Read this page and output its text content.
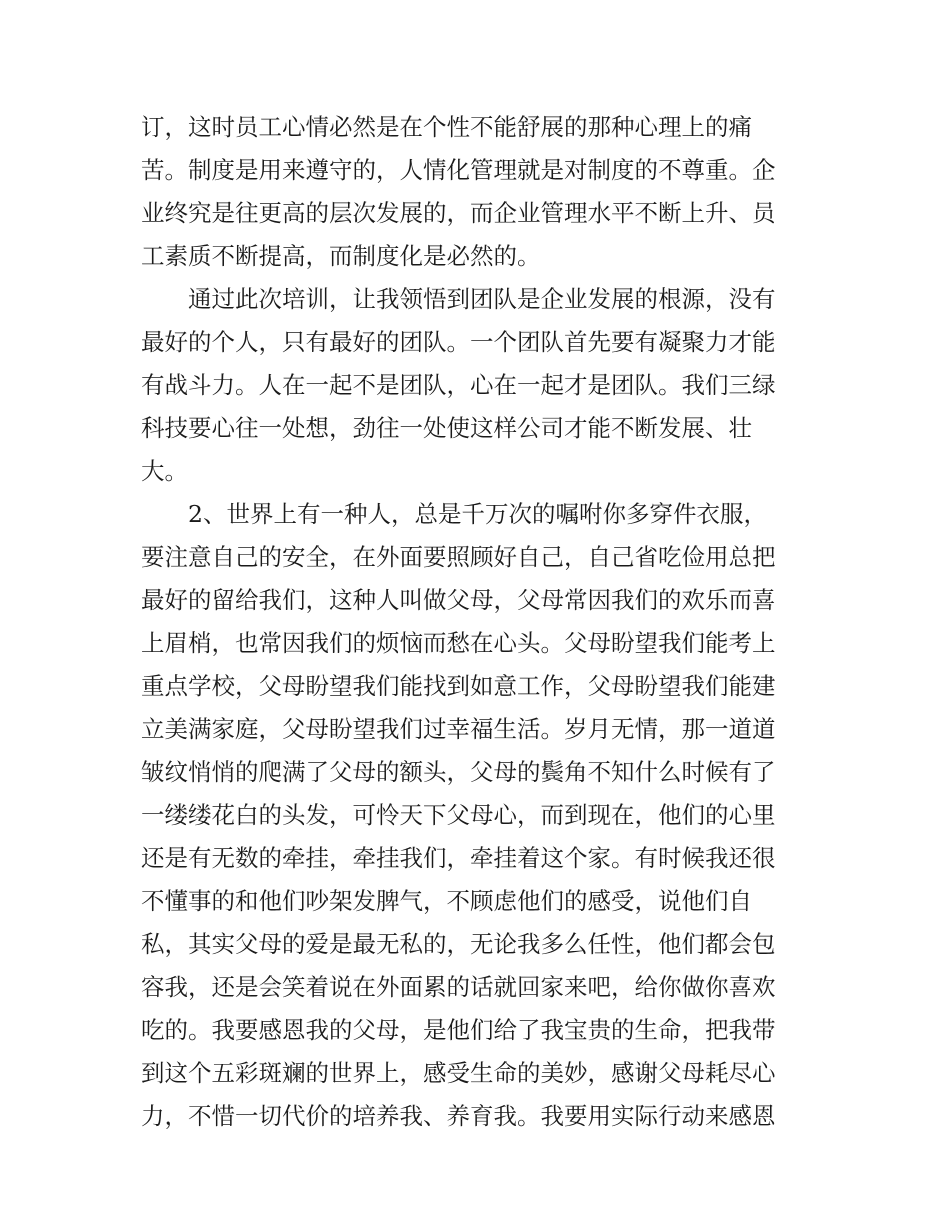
订，这时员工心情必然是在个性不能舒展的那种心理上的痛
苦。制度是用来遵守的，人情化管理就是对制度的不尊重。企
业终究是往更高的层次发展的，而企业管理水平不断上升、员
工素质不断提高，而制度化是必然的。
通过此次培训，让我领悟到团队是企业发展的根源，没有
最好的个人，只有最好的团队。一个团队首先要有凝聚力才能
有战斗力。人在一起不是团队，心在一起才是团队。我们三绿
科技要心往一处想，劲往一处使这样公司才能不断发展、壮
大。
2、世界上有一种人，总是千万次的嘱咐你多穿件衣服，
要注意自己的安全，在外面要照顾好自己，自己省吃俭用总把
最好的留给我们，这种人叫做父母，父母常因我们的欢乐而喜
上眉梢，也常因我们的烦恼而愁在心头。父母盼望我们能考上
重点学校，父母盼望我们能找到如意工作，父母盼望我们能建
立美满家庭，父母盼望我们过幸福生活。岁月无情，那一道道
皱纹悄悄的爬满了父母的额头，父母的鬓角不知什么时候有了
一缕缕花白的头发，可怜天下父母心，而到现在，他们的心里
还是有无数的牵挂，牵挂我们，牵挂着这个家。有时候我还很
不懂事的和他们吵架发脾气，不顾虑他们的感受，说他们自
私，其实父母的爱是最无私的，无论我多么任性，他们都会包
容我，还是会笑着说在外面累的话就回家来吧，给你做你喜欢
吃的。我要感恩我的父母，是他们给了我宝贵的生命，把我带
到这个五彩斑斓的世界上，感受生命的美妙，感谢父母耗尽心
力，不惜一切代价的培养我、养育我。我要用实际行动来感恩
